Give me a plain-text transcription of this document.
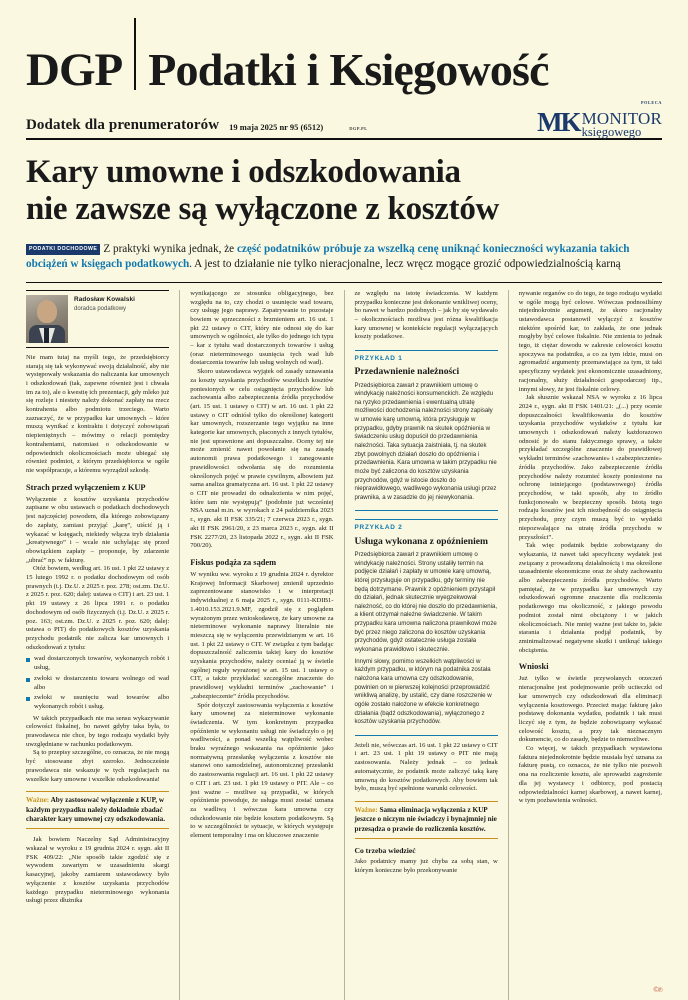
DGP Podatki i Księgowość
Dodatek dla prenumeratorów 19 maja 2025 nr 95 (6512)	DGP.PL
POLECA
MK MONITOR
księgowego
Kary umowne i odszkodowania
nie zawsze są wyłączone z kosztów
PODATKI DOCHODOWE Z praktyki wynika jednak, że część podatników próbuje za wszelką cenę uniknąć konieczności wykazania takich obciążeń w księgach podatkowych. A jest to działanie nie tylko nieracjonalne, lecz wręcz mogące grozić odpowiedzialnością karną
Radosław Kowalski
doradca podatkowy

Nie mam tutaj na myśli tego, że przedsiębiorcy starają się tak wykonywać swoją działalność, aby nie występowały wskazania do naliczania kar umownych i odszkodowań (tak, zapewne również jest i chwała im za to), ale o kwestię ich prezentacji, gdy mleko już się rozleje i niestety należy dokonać zapłaty na rzecz kontrahenta albo podmiotu trzeciego. Warto zaznaczyć, że w przypadku kar umownych – które muszą wynikać z kontraktu i dotyczyć zobowiązań niepieniężnych – mówimy o relacji pomiędzy kontrahentami, natomiast o odszkodowanie w odpowiednich okolicznościach może ubiegać się również podmiot, z którym przedsiębiorca w ogóle nie współpracuje, a któremu wyrządził szkodę.

Strach przed wyłączeniem z KUP

Wyłączenie z kosztów uzyskania przychodów zapisane w obu ustawach o podatkach dochodowych jest najczęściej powodem, dla którego zobowiązany do zapłaty, zamiast przyjąć „karę”, uiścić ją i wykazać w księgach, niekiedy włącza tryb działania „kreatywnego” i – wcale nie uchylając się przed obowiązkiem zapłaty – proponuje, by zdarzenie „ubrać” np. w fakturę.

Otóż bowiem, według art. 16 ust. 1 pkt 22 ustawy z 15 lutego 1992 r. o podatku dochodowym od osób prawnych (t.j. Dz.U. z 2025 r. poz. 278; ost.zm. Dz.U. z 2025 r. poz. 620; dalej: ustawa o CIT) i art. 23 ust. 1 pkt 19 ustawy z 26 lipca 1991 r. o podatku dochodowym od osób fizycznych (t.j. Dz.U. z 2025 r. poz. 163; ost.zm. Dz.U. z 2025 r. poz. 620; dalej: ustawa o PIT) do podatkowych kosztów uzyskania przychodu podatnik nie zalicza kar umownych i odszkodowań z tytułu:

wad dostarczonych towarów, wykonanych robót i usług,
zwłoki w dostarczeniu towaru wolnego od wad albo
zwłoki w usunięciu wad towarów albo wykonanych robót i usług.

W takich przypadkach nie ma sensu wykazywanie celowości fiskalnej, bo nawet gdyby taka była, to prawodawca nie chce, by tego rodzaju wydatki były uwzględniane w rachunku podatkowym.

Są to przepisy szczególne, co oznacza, że nie mogą być stosowane zbyt szeroko. Jednocześnie prawodawca nie wskazuje w tych regulacjach na wszelkie kary umowne i wszelkie odszkodowania!

Ważne: Aby zastosować wyłączenie z KUP, w każdym przypadku należy dokładnie zbadać charakter kary umownej czy odszkodowania.

Jak bowiem Naczelny Sąd Administracyjny wskazał w wyroku z 19 grudnia 2024 r. sygn. akt II FSK 409/22: „Nie sposób takie zgodzić się z wywodem zawartym w uzasadnieniu skargi kasacyjnej, jakoby zamiarem ustawodawcy było wyłączenie z kosztów uzyskania przychodów każdego przypadku nieterminowego wykonania usługi przez dłużnika

wynikającego ze stosunku obligacyjnego, bez względu na to, czy chodzi o usunięcie wad towaru, czy usługę jego naprawy. Zapatrywanie to pozostaje bowiem w sprzeczności z brzmieniem art. 16 ust. 1 pkt 22 ustawy o CIT, który nie odnosi się do kar umownych w ogólności, ale tylko do jednego ich typu – kar z tytułu wad dostarczonych towarów i usług (oraz nieterminowego usunięcia tych wad lub dostarczenia towarów lub usług wolnych od wad).

Skoro ustawodawca wyjątek od zasady uznawania za koszty uzyskania przychodów wszelkich kosztów poniesionych w celu osiągnięcia przychodów lub zachowania albo zabezpieczenia źródła przychodów (art. 15 ust. 1 ustawy o CIT) w art. 16 ust. 1 pkt 22 ustawy o CIT odniósł tylko do określonej kategorii kar umownych, rozszerzanie tego wyjątku na inne kategorie kar umownych, płaconych z innych tytułów, nie jest uprawnione ani dopuszczalne. Oceny tej nie może zmienić nawet powołanie się na zasadę autonomii prawa podatkowego i zanegowanie prawidłowości odwołania się do rozumienia określonych pojęć w prawie cywilnym, albowiem już sama analiza gramatyczna art. 16 ust. 1 pkt 22 ustawy o CIT nie prowadzi do odnalezienia w nim pojęć, które tam nie występują” (podobnie już wcześniej NSA uznał m.in. w wyrokach z 24 października 2023 r., sygn. akt II FSK 335/21; 7 czerwca 2023 r., sygn. akt II FSK 2961/20, z 23 marca 2023 r., sygn. akt II FSK 2277/20, 23 listopada 2022 r., sygn. akt II FSK 700/20).

Fiskus podąża za sądem

W wyniku ww. wyroku z 19 grudnia 2024 r. dyrektor Krajowej Informacji Skarbowej zmienił uprzednio zaprezentowane stanowisko i w interpretacji indywidualnej z 6 maja 2025 r., sygn. 0111-KDIB1-1.4010.153.2021.9.MF, zgodził się z poglądem wyrażonym przez wnioskodawcę, że kary umowne za nieterminowe wykonanie naprawy literalnie nie mieszczą się w wyłączeniu przewidzianym w art. 16 ust. 1 pkt 22 ustawy o CIT. W związku z tym badając dopuszczalność zaliczenia takiej kary do kosztów uzyskania przychodów, należy oceniać ją w świetle ogólnej reguły wyrażonej w art. 15 ust. 1 ustawy o CIT, a także przykładać szczególne znaczenie do prawidłowej wykładni terminów „zachowanie” i „zabezpieczenie” źródła przychodów.

Spór dotyczył zastosowania wyłączenia z kosztów kary umownej za nieterminowe wykonanie świadczenia. W tym konkretnym przypadku opóźnienie w wykonaniu usługi nie świadczyło o jej wadliwości, a ponad wszelką wątpliwość wobec braku wyraźnego wskazania na opóźnienie jako normatywną przesłankę wyłączenia z kosztów nie stanowi ono samodzielnej, autonomicznej przesłanki do zastosowania regulacji art. 16 ust. 1 pkt 22 ustawy o CIT i art. 23 ust. 1 pkt 19 ustawy o PIT. Ale – co jest ważne – możliwe są przypadki, w których opóźnienie powoduje, że usługa musi zostać uznana za wadliwą i wówczas kara umowna czy odszkodowanie nie będzie kosztem podatkowym. Są to w szczególności te sytuacje, w których występuje element temporalny i ma on kluczowe znaczenie

ze względu na istotę świadczenia. W każdym przypadku konieczne jest dokonanie wnikliwej oceny, bo nawet w bardzo podobnych – jak by się wydawało – okolicznościach możliwa jest różna kwalifikacja kary umownej w kontekście regulacji wyłączających koszty podatkowe.

PRZYKŁAD 1
Przedawnienie należności

Przedsiębiorca zawarł z prawnikiem umowę o windykację należności konsumenckich. Ze względu na ryzyko przedawnienia i ewentualną utratę możliwości dochodzenia należności strony zapisały w umowie karę umowną, która przysługuje w przypadku, gdyby prawnik na skutek opóźnienia w świadczeniu usług dopuścił do przedawnienia należności. Taka sytuacja zaistniała, tj. na skutek zbyt powolnych działań doszło do opóźnienia i przedawnienia. Kara umowna w takim przypadku nie może być zaliczona do kosztów uzyskania przychodów, gdyż w istocie doszło do nieprawidłowego, wadliwego wykonania usługi przez prawnika, a w zasadzie do jej niewykonania.

PRZYKŁAD 2
Usługa wykonana z opóźnieniem

Przedsiębiorca zawarł z prawnikiem umowę o windykację należności. Strony ustaliły termin na podjęcie działań i zapłaty w umowie karę umowną, której przysługuje on przypadku, gdy terminy nie będą dotrzymane. Prawnik z opóźnieniem przystąpił do działań, jednak skutecznie wyegzekwował należność, co do której nie doszło do przedawnienia, a klient otrzymał należne świadczenie. W takim przypadku kara umowna naliczona prawnikowi może być przez niego zaliczona do kosztów uzyskania przychodów, gdyż ostatecznie usługa została wykonana prawidłowo i skutecznie.

Innymi słowy, pomimo wszelkich wątpliwości w każdym przypadku, w którym na podatnika została nałożona kara umowna czy odszkodowanie, powinien on w pierwszej kolejności przeprowadzić wnikliwą analizę, by ustalić, czy dane roszczenie w ogóle zostało nałożone w efekcie konkretnego działania (bądź odszkodowania), wyłączonego z kosztów uzyskania przychodów.

Jeżeli nie, wówczas art. 16 ust. 1 pkt 22 ustawy o CIT i art. 23 ust. 1 pkt 19 ustawy o PIT nie mają zastosowania. Należy jednak – co jednak automatycznie, że podatnik może zaliczyć taką karę umowną do kosztów podatkowych. Aby bowiem tak było, muszą być spełnione warunki celowości.

Ważne: Sama eliminacja wyłączenia z KUP jeszcze o niczym nie świadczy i bynajmniej nie przesądza o prawie do rozliczenia kosztów.
Co trzeba wiedzieć

Jako podatnicy mamy już chyba za sobą stan, w którym konieczne było przekonywanie

nywanie organów co do tego, że tego rodzaju wydatki w ogóle mogą być celowe. Wówczas podnosiliśmy niejednokrotnie argument, że skoro racjonalny ustawodawca postanowił wyłączyć z kosztów niektóre spośród kar, to zakłada, że one jednak mogłyby być celowe fiskalnie. Nie zmienia to jednak tego, iż ciężar dowodu w zakresie celowości kosztu spoczywa na podatniku, a co za tym idzie, musi on zgromadzić argumenty przemawiające za tym, iż taki specyficzny wydatek jest ekonomicznie uzasadniony, racjonalny, służy działalności gospodarczej itp., innymi słowy, że jest fiskalnie celowy.

Jak słusznie wskazał NSA w wyroku z 16 lipca 2024 r., sygn. akt II FSK 1401/21: „(...) przy ocenie dopuszczalności kwalifikowania do kosztów uzyskania przychodów wydatków z tytułu kar umownych i odszkodowań należy każdorazowo odnosić je do stanu faktycznego sprawy, a także przykładać szczególne znaczenie do prawidłowej wykładni terminów «zachowanie» i «zabezpieczenie» źródła przychodów. Jako zabezpieczenie źródła przychodów należy rozumieć koszty poniesione na ochronę istniejącego (podstawowego) źródła przychodów, w taki sposób, aby to źródło funkcjonowało w bezpieczny sposób. Istotą tego rodzaju kosztów jest ich niezbędność do osiągnięcia przychodu, przy czym muszą być to wydatki niepozwalające na utratę źródła przychodu w przyszłości”.

Tak więc podatnik będzie zobowiązany do wykazania, iż nawet taki specyficzny wydatek jest związany z prowadzoną działalnością i ma określone uzasadnienie ekonomiczne oraz że służy zachowaniu albo zabezpieczeniu źródła przychodów. Warto pamiętać, że w przypadku kar umownych czy odszkodowań ogromne znaczenie dla rozliczenia podatkowego ma okoliczność, z jakiego powodu podmiot został nimi obciążony i w jakich okolicznościach. Nie mniej ważne jest także to, jakie starania i działania podjął podatnik, by zminimalizować negatywne skutki i uniknąć takiego obciążenia.

Wnioski

Już tylko w świetle przywołanych orzeczeń nieracjonalne jest podejmowanie prób uciieczki od kar umownych czy odszkodowań dla eliminacji wyłączenia kosztowego. Przecież mając fakturę jako podstawę dokonania wydatku, podatnik i tak musi liczyć się z tym, że będzie zobowiązany wykazać celowość kosztu, a przy tak nieznacznym dokumencie, co do zasady, będzie to niemożliwe.

Co więcej, w takich przypadkach wystawiona faktura niejednokrotnie będzie musiała być uznana za fakturę pustą, co oznacza, że nie tylko nie pozwoli ona na rozliczenie kosztu, ale sprowadzi zagrożenie dla jej wystawcy i odbiorcy, pod postacią odpowiedzialności karnej skarbowej, a nawet karnej, w tym pozbawienia wolności.

©℗
